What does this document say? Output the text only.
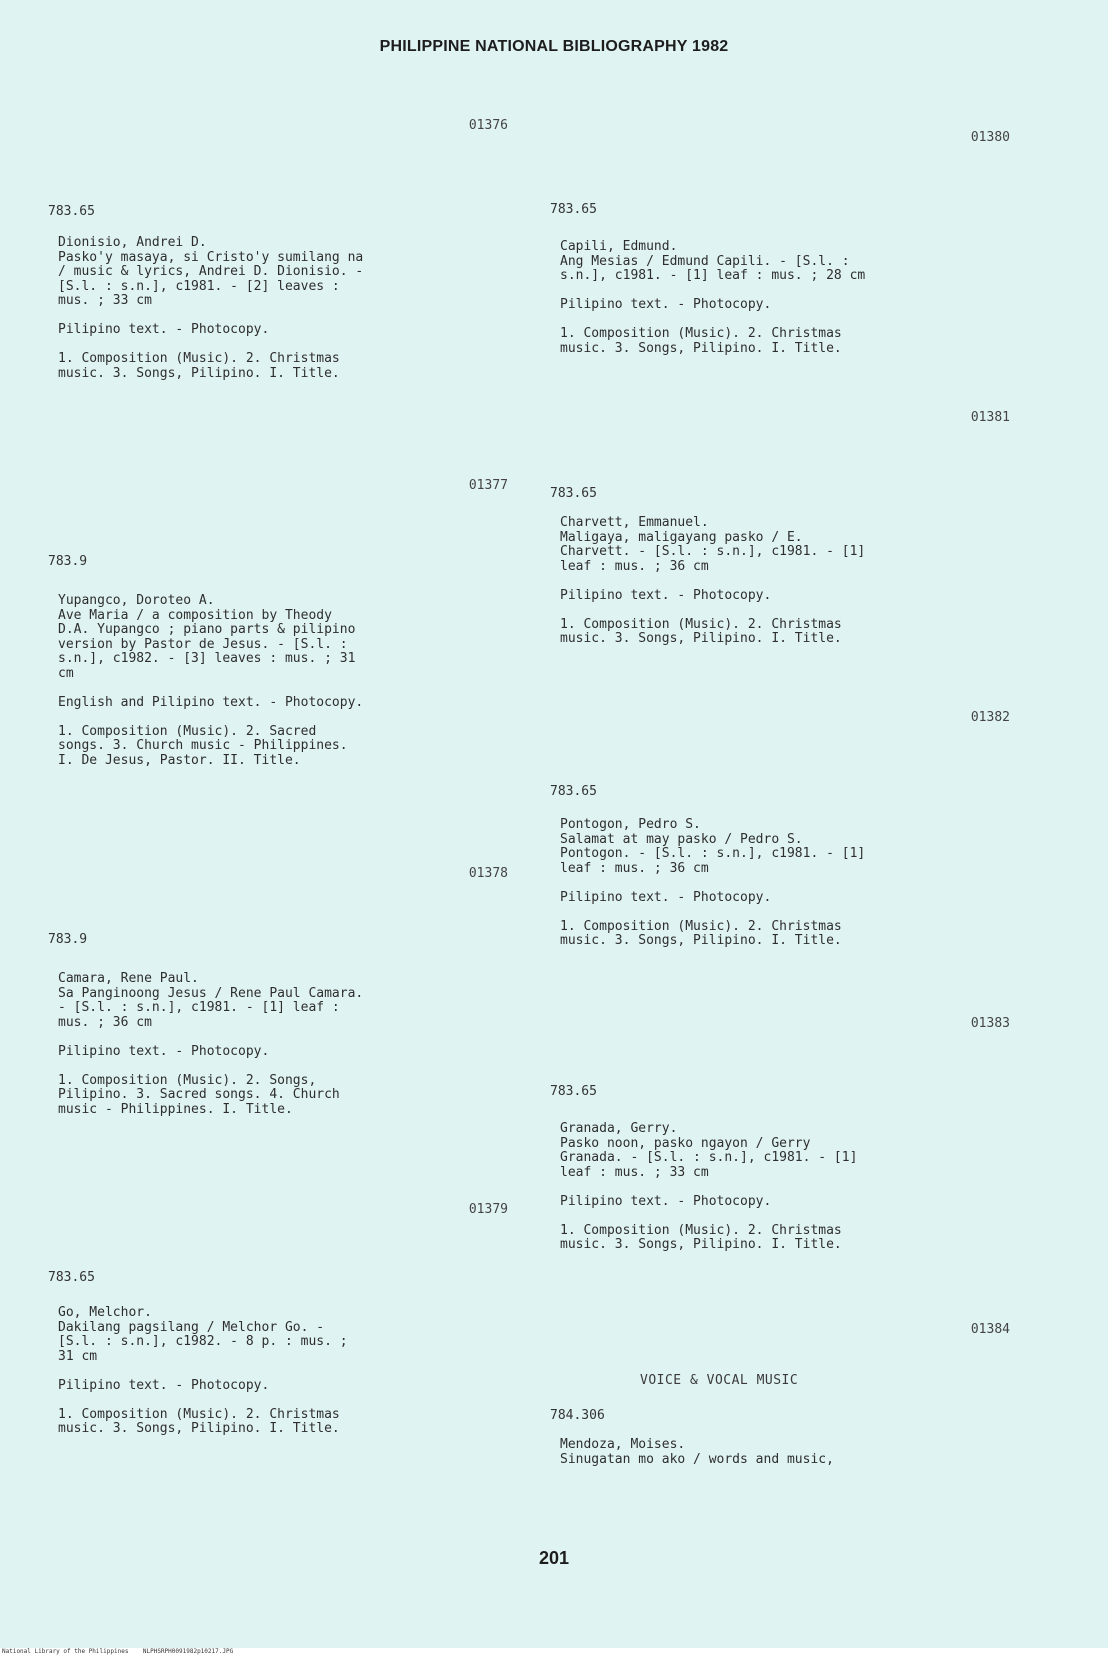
PHILIPPINE NATIONAL BIBLIOGRAPHY 1982
01376
783.65
Dionisio, Andrei D.
Pasko'y masaya, si Cristo'y sumilang na
/ music & lyrics, Andrei D. Dionisio. -
[S.l. : s.n.], c1981. - [2] leaves :
mus. ; 33 cm

Pilipino text. - Photocopy.

1. Composition (Music). 2. Christmas
music. 3. Songs, Pilipino. I. Title.
01377
783.9
Yupangco, Doroteo A.
Ave Maria / a composition by Theody
D.A. Yupangco ; piano parts & pilipino
version by Pastor de Jesus. - [S.l. :
s.n.], c1982. - [3] leaves : mus. ; 31
cm

English and Pilipino text. - Photocopy.

1. Composition (Music). 2. Sacred
songs. 3. Church music - Philippines.
I. De Jesus, Pastor. II. Title.
01378
783.9
Camara, Rene Paul.
Sa Panginoong Jesus / Rene Paul Camara.
- [S.l. : s.n.], c1981. - [1] leaf :
mus. ; 36 cm

Pilipino text. - Photocopy.

1. Composition (Music). 2. Songs,
Pilipino. 3. Sacred songs. 4. Church
music - Philippines. I. Title.
01379
783.65
Go, Melchor.
Dakilang pagsilang / Melchor Go. -
[S.l. : s.n.], c1982. - 8 p. : mus. ;
31 cm

Pilipino text. - Photocopy.

1. Composition (Music). 2. Christmas
music. 3. Songs, Pilipino. I. Title.
01380
783.65
Capili, Edmund.
Ang Mesias / Edmund Capili. - [S.l. :
s.n.], c1981. - [1] leaf : mus. ; 28 cm

Pilipino text. - Photocopy.

1. Composition (Music). 2. Christmas
music. 3. Songs, Pilipino. I. Title.
01381
783.65
Charvett, Emmanuel.
Maligaya, maligayang pasko / E.
Charvett. - [S.l. : s.n.], c1981. - [1]
leaf : mus. ; 36 cm

Pilipino text. - Photocopy.

1. Composition (Music). 2. Christmas
music. 3. Songs, Pilipino. I. Title.
01382
783.65
Pontogon, Pedro S.
Salamat at may pasko / Pedro S.
Pontogon. - [S.l. : s.n.], c1981. - [1]
leaf : mus. ; 36 cm

Pilipino text. - Photocopy.

1. Composition (Music). 2. Christmas
music. 3. Songs, Pilipino. I. Title.
01383
783.65
Granada, Gerry.
Pasko noon, pasko ngayon / Gerry
Granada. - [S.l. : s.n.], c1981. - [1]
leaf : mus. ; 33 cm

Pilipino text. - Photocopy.

1. Composition (Music). 2. Christmas
music. 3. Songs, Pilipino. I. Title.
01384
784.306
Mendoza, Moises.
Sinugatan mo ako / words and music,
VOICE & VOCAL MUSIC
201
National Library of the Philippines    NLPHSRPH0091982p10217.JPG
